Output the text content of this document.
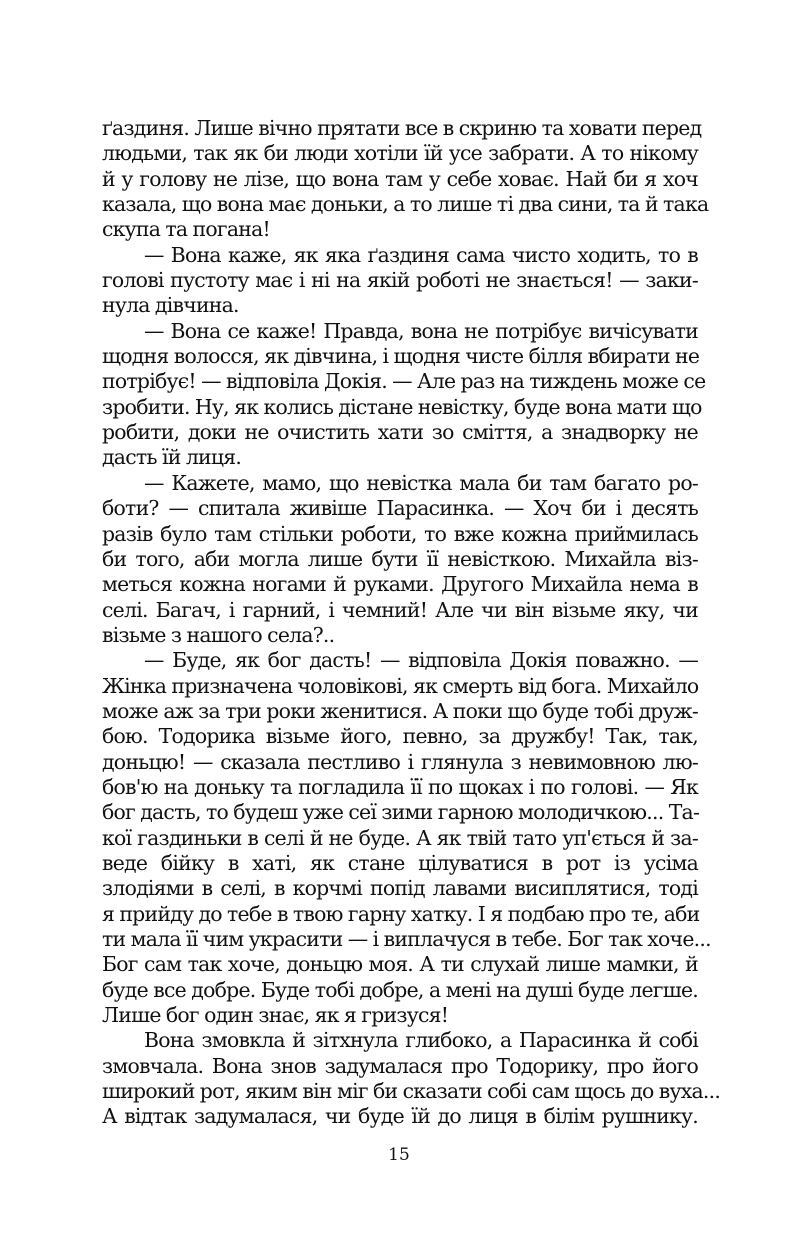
ґаздиня. Лише вічно прятати все в скриню та ховати перед
людьми, так як би люди хотіли їй усе забрати. А то нікому
й у голову не лізе, що вона там у себе ховає. Най би я хоч
казала, що вона має доньки, а то лише ті два сини, та й така
скупа та погана!
— Вона каже, як яка ґаздиня сама чисто ходить, то в
голові пустоту має і ні на якій роботі не знається! — заки-
нула дівчина.
— Вона се каже! Правда, вона не потрібує вичісувати
щодня волосся, як дівчина, і щодня чисте білля вбирати не
потрібує! — відповіла Докія. — Але раз на тиждень може се
зробити. Ну, як колись дістане невістку, буде вона мати що
робити, доки не очистить хати зо сміття, а знадворку не
дасть їй лиця.
— Кажете, мамо, що невістка мала би там багато ро-
боти? — спитала живіше Парасинка. — Хоч би і десять
разів було там стільки роботи, то вже кожна приймилась
би того, аби могла лише бути її невісткою. Михайла віз-
меться кожна ногами й руками. Другого Михайла нема в
селі. Багач, і гарний, і чемний! Але чи він візьме яку, чи
візьме з нашого села?..
— Буде, як бог дасть! — відповіла Докія поважно. —
Жінка призначена чоловікові, як смерть від бога. Михайло
може аж за три роки женитися. А поки що буде тобі друж-
бою. Тодорика візьме його, певно, за дружбу! Так, так,
доньцю! — сказала пестливо і глянула з невимовною лю-
бов'ю на доньку та погладила її по щоках і по голові. — Як
бог дасть, то будеш уже сеї зими гарною молодичкою... Та-
кої газдиньки в селі й не буде. А як твій тато уп'ється й за-
веде бійку в хаті, як стане цілуватися в рот із усіма
злодіями в селі, в корчмі попід лавами висиплятися, тоді
я прийду до тебе в твою гарну хатку. І я подбаю про те, аби
ти мала її чим украсити — і виплачуся в тебе. Бог так хоче...
Бог сам так хоче, доньцю моя. А ти слухай лише мамки, й
буде все добре. Буде тобі добре, а мені на душі буде легше.
Лише бог один знає, як я гризуся!
Вона змовкла й зітхнула глибоко, а Парасинка й собі
змовчала. Вона знов задумалася про Тодорику, про його
широкий рот, яким він міг би сказати собі сам щось до вуха...
А відтак задумалася, чи буде їй до лиця в білім рушнику.
15
